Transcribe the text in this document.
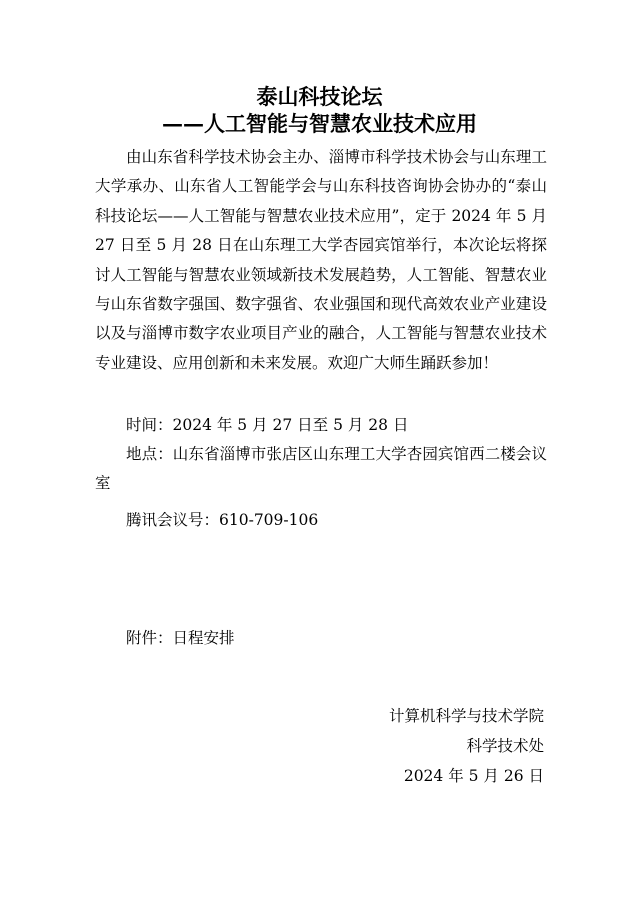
泰山科技论坛
——人工智能与智慧农业技术应用
由山东省科学技术协会主办、淄博市科学技术协会与山东理工大学承办、山东省人工智能学会与山东科技咨询协会协办的“泰山科技论坛——人工智能与智慧农业技术应用”，定于 2024 年 5 月 27 日至 5 月 28 日在山东理工大学杏园宾馆举行，本次论坛将探讨人工智能与智慧农业领域新技术发展趋势，人工智能、智慧农业与山东省数字强国、数字强省、农业强国和现代高效农业产业建设以及与淄博市数字农业项目产业的融合，人工智能与智慧农业技术专业建设、应用创新和未来发展。欢迎广大师生踊跃参加！
时间：2024 年 5 月 27 日至 5 月 28 日
地点：山东省淄博市张店区山东理工大学杏园宾馆西二楼会议室
腾讯会议号：610-709-106
附件：日程安排
计算机科学与技术学院
科学技术处
2024 年 5 月 26 日
